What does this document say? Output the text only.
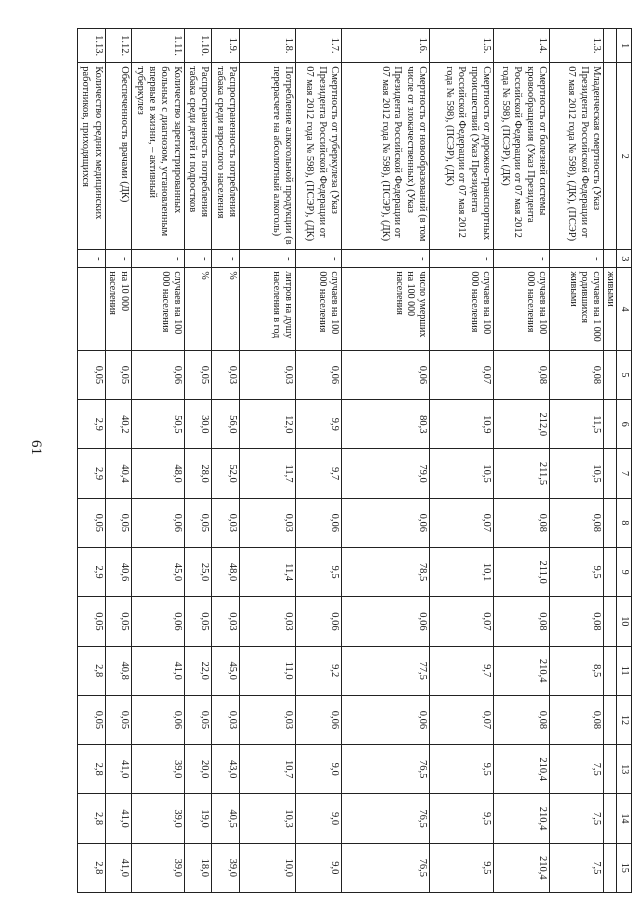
61
1	2	3	4	5	6	7	8	9	10	11	12	13	14	15
			живыми											
1.3.	Младенческая смертность (Указ Президента Российской Федерации от 07 мая 2012 года № 598), (ДК), (ПСЭР)	-	случаев на 1 000 родившихся живыми	0,08	11,5	10,5	0,08	9,5	0,08	8,5	0,08	7,5	7,5	7,5
1.4.	Смертность от болезней системы кровообращения (Указ Президента Российской Федерации от 07 мая 2012 года № 598), (ПСЭР), (ДК)	-	случаев на 100 000 населения	0,08	212,0	211,5	0,08	211,0	0,08	210,4	0,08	210,4	210,4	210,4
1.5.	Смертность от дорожно-транспортных происшествий (Указ Президента Российской Федерации от 07 мая 2012 года № 598), (ПСЭР), (ДК)	-	случаев на 100 000 населения	0,07	10,9	10,5	0,07	10,1	0,07	9,7	0,07	9,5	9,5	9,5
1.6.	Смертность от новообразований (в том числе от злокачественных) (Указ Президента Российской Федерации от 07 мая 2012 года № 598), (ПСЭР), (ДК)	-	число умерших на 100 000 населения	0,06	80,3	79,0	0,06	78,5	0,06	77,5	0,06	76,5	76,5	76,5
1.7.	Смертность от туберкулеза (Указ Президента Российской Федерации от 07 мая 2012 года № 598), (ПСЭР), (ДК)	-	случаев на 100 000 населения	0,06	9,9	9,7	0,06	9,5	0,06	9,2	0,06	9,0	9,0	9,0
1.8.	Потребление алкогольной продукции (в перерасчете на абсолютный алкоголь)	-	литров на душу населения в год	0,03	12,0	11,7	0,03	11,4	0,03	11,0	0,03	10,7	10,3	10,0
1.9.	Распространенность потребления табака среди взрослого населения	-	%	0,03	56,0	52,0	0,03	48,0	0,03	45,0	0,03	43,0	40,5	39,0
1.10.	Распространенность потребления табака среди детей и подростков	-	%	0,05	30,0	28,0	0,05	25,0	0,05	22,0	0,05	20,0	19,0	18,0
1.11.	Количество зарегистрированных больных с диагнозом, установленным впервые в жизни, – активный туберкулез	-	случаев на 100 000 населения	0,06	50,5	48,0	0,06	45,0	0,06	41,0	0,06	39,0	39,0	39,0
1.12.	Обеспеченность врачами (ДК)	-	на 10 000 населения	0,05	40,2	40,4	0,05	40,6	0,05	40,8	0,05	41,0	41,0	41,0
1.13.	Количество средних медицинских работников, приходящихся	-		0,05	2,9	2,9	0,05	2,9	0,05	2,8	0,05	2,8	2,8	2,8
